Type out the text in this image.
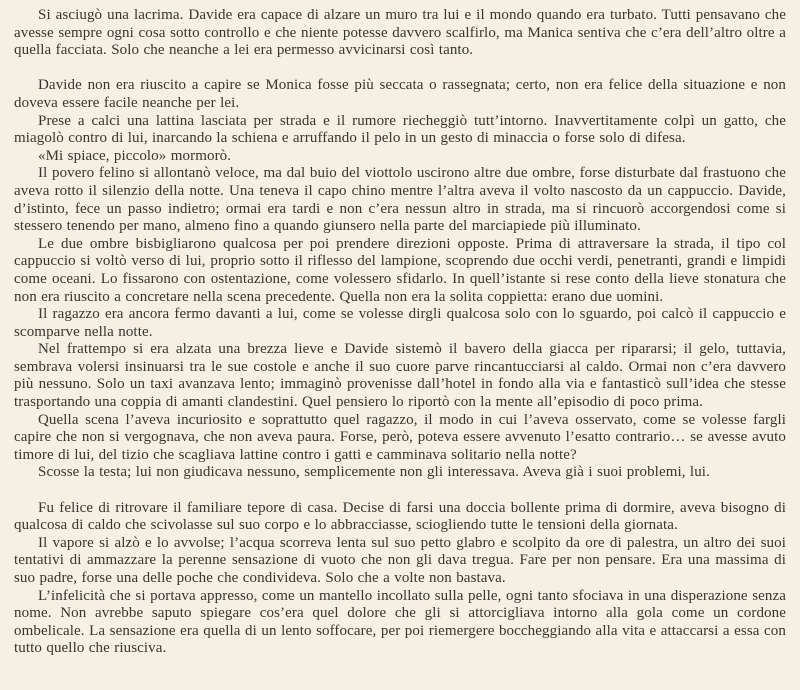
Si asciugò una lacrima. Davide era capace di alzare un muro tra lui e il mondo quando era turbato. Tutti pensavano che avesse sempre ogni cosa sotto controllo e che niente potesse davvero scalfirlo, ma Manica sentiva che c’era dell’altro oltre a quella facciata. Solo che neanche a lei era permesso avvicinarsi così tanto.

Davide non era riuscito a capire se Monica fosse più seccata o rassegnata; certo, non era felice della situazione e non doveva essere facile neanche per lei.

Prese a calci una lattina lasciata per strada e il rumore riecheggiò tutt’intorno. Inavvertitamente colpì un gatto, che miagolò contro di lui, inarcando la schiena e arruffando il pelo in un gesto di minaccia o forse solo di difesa.

«Mi spiace, piccolo» mormorò.

Il povero felino si allontanò veloce, ma dal buio del viottolo uscirono altre due ombre, forse disturbate dal frastuono che aveva rotto il silenzio della notte. Una teneva il capo chino mentre l’altra aveva il volto nascosto da un cappuccio. Davide, d’istinto, fece un passo indietro; ormai era tardi e non c’era nessun altro in strada, ma si rincuorò accorgendosi come si stessero tenendo per mano, almeno fino a quando giunsero nella parte del marciapiede più illuminato.

Le due ombre bisbigliarono qualcosa per poi prendere direzioni opposte. Prima di attraversare la strada, il tipo col cappuccio si voltò verso di lui, proprio sotto il riflesso del lampione, scoprendo due occhi verdi, penetranti, grandi e limpidi come oceani. Lo fissarono con ostentazione, come volessero sfidarlo. In quell’istante si rese conto della lieve stonatura che non era riuscito a concretare nella scena precedente. Quella non era la solita coppietta: erano due uomini.

Il ragazzo era ancora fermo davanti a lui, come se volesse dirgli qualcosa solo con lo sguardo, poi calcò il cappuccio e scomparve nella notte.

Nel frattempo si era alzata una brezza lieve e Davide sistemò il bavero della giacca per ripararsi; il gelo, tuttavia, sembrava volersi insinuarsi tra le sue costole e anche il suo cuore parve rincantucciarsi al caldo. Ormai non c’era davvero più nessuno. Solo un taxi avanzava lento; immaginò provenisse dall’hotel in fondo alla via e fantasticò sull’idea che stesse trasportando una coppia di amanti clandestini. Quel pensiero lo riportò con la mente all’episodio di poco prima.

Quella scena l’aveva incuriosito e soprattutto quel ragazzo, il modo in cui l’aveva osservato, come se volesse fargli capire che non si vergognava, che non aveva paura. Forse, però, poteva essere avvenuto l’esatto contrario… se avesse avuto timore di lui, del tizio che scagliava lattine contro i gatti e camminava solitario nella notte?

Scosse la testa; lui non giudicava nessuno, semplicemente non gli interessava. Aveva già i suoi problemi, lui.

Fu felice di ritrovare il familiare tepore di casa. Decise di farsi una doccia bollente prima di dormire, aveva bisogno di qualcosa di caldo che scivolasse sul suo corpo e lo abbracciasse, sciogliendo tutte le tensioni della giornata.

Il vapore si alzò e lo avvolse; l’acqua scorreva lenta sul suo petto glabro e scolpito da ore di palestra, un altro dei suoi tentativi di ammazzare la perenne sensazione di vuoto che non gli dava tregua. Fare per non pensare. Era una massima di suo padre, forse una delle poche che condivideva. Solo che a volte non bastava.

L’infelicità che si portava appresso, come un mantello incollato sulla pelle, ogni tanto sfociava in una disperazione senza nome. Non avrebbe saputo spiegare cos’era quel dolore che gli si attorcigliava intorno alla gola come un cordone ombelicale. La sensazione era quella di un lento soffocare, per poi riemergere boccheggiando alla vita e attaccarsi a essa con tutto quello che riusciva.
